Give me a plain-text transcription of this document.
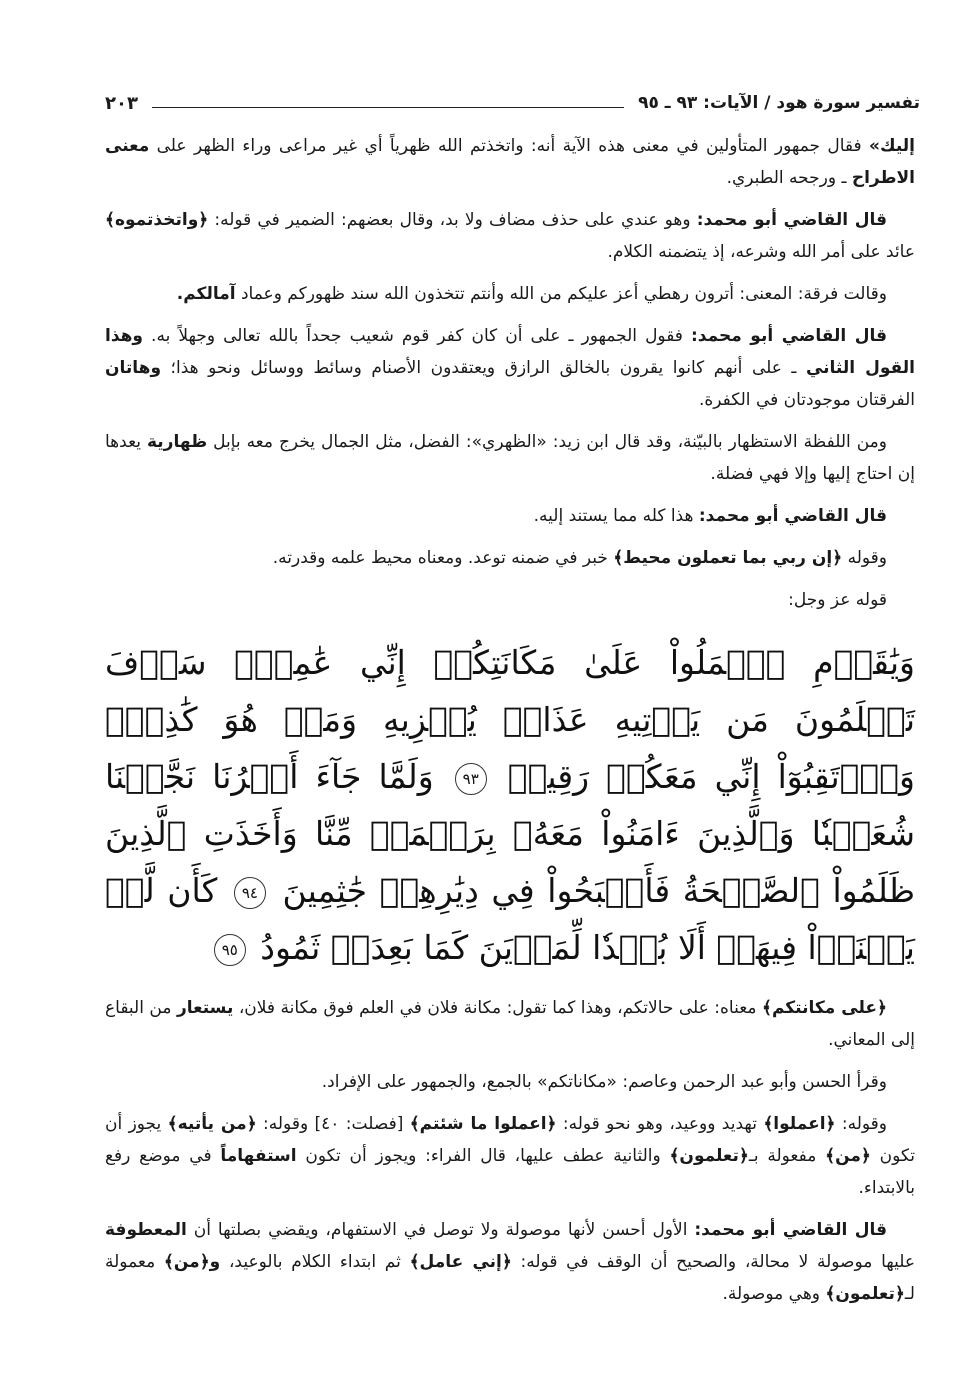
تفسير سورة هود / الآيات: ٩٣ ـ ٩٥
٢٠٣

إليك» فقال جمهور المتأولين في معنى هذه الآية أنه: واتخذتم الله ظهرياً أي غير مراعى وراء الظهر على معنى الاطراح ـ ورجحه الطبري.

قال القاضي أبو محمد: وهو عندي على حذف مضاف ولا بد، وقال بعضهم: الضمير في قوله: ﴿واتخذتموه﴾ عائد على أمر الله وشرعه، إذ يتضمنه الكلام.

وقالت فرقة: المعنى: أترون رهطي أعز عليكم من الله وأنتم تتخذون الله سند ظهوركم وعماد آمالكم.

قال القاضي أبو محمد: فقول الجمهور ـ على أن كان كفر قوم شعيب جحداً بالله تعالى وجهلاً به. وهذا القول الثاني ـ على أنهم كانوا يقرون بالخالق الرازق ويعتقدون الأصنام وسائط ووسائل ونحو هذا؛ وهاتان الفرقتان موجودتان في الكفرة.

ومن اللفظة الاستظهار بالبيّنة، وقد قال ابن زيد: «الظهري»: الفضل، مثل الجمال يخرج معه بإبل ظهارية يعدها إن احتاج إليها وإلا فهي فضلة.

قال القاضي أبو محمد: هذا كله مما يستند إليه.

وقوله ﴿إن ربي بما تعملون محيط﴾ خبر في ضمنه توعد. ومعناه محيط علمه وقدرته.

قوله عز وجل:

وَيَٰقَوۡمِ ٱعۡمَلُواْ عَلَىٰ مَكَانَتِكُمۡ إِنِّي عَٰمِلٞۖ سَوۡفَ تَعۡلَمُونَ مَن يَأۡتِيهِ عَذَابٞ يُخۡزِيهِ وَمَنۡ هُوَ كَٰذِبٞۖ وَٱرۡتَقِبُوٓاْ إِنِّي مَعَكُمۡ رَقِيبٞ ٩٣ وَلَمَّا جَآءَ أَمۡرُنَا نَجَّيۡنَا شُعَيۡبٗا وَٱلَّذِينَ ءَامَنُواْ مَعَهُۥ بِرَحۡمَةٖ مِّنَّا وَأَخَذَتِ ٱلَّذِينَ ظَلَمُواْ ٱلصَّيۡحَةُ فَأَصۡبَحُواْ فِي دِيَٰرِهِمۡ جَٰثِمِينَ ٩٤ كَأَن لَّمۡ يَغۡنَوۡاْ فِيهَآۗ أَلَا بُعۡدٗا لِّمَدۡيَنَ كَمَا بَعِدَتۡ ثَمُودُ ٩٥

﴿على مكانتكم﴾ معناه: على حالاتكم، وهذا كما تقول: مكانة فلان في العلم فوق مكانة فلان، يستعار من البقاع إلى المعاني.

وقرأ الحسن وأبو عبد الرحمن وعاصم: «مكاناتكم» بالجمع، والجمهور على الإفراد.

وقوله: ﴿اعملوا﴾ تهديد ووعيد، وهو نحو قوله: ﴿اعملوا ما شئتم﴾ [فصلت: ٤٠] وقوله: ﴿من يأتيه﴾ يجوز أن تكون ﴿من﴾ مفعولة بـ﴿تعلمون﴾ والثانية عطف عليها، قال الفراء: ويجوز أن تكون استفهاماً في موضع رفع بالابتداء.

قال القاضي أبو محمد: الأول أحسن لأنها موصولة ولا توصل في الاستفهام، ويقضي بصلتها أن المعطوفة عليها موصولة لا محالة، والصحيح أن الوقف في قوله: ﴿إني عامل﴾ ثم ابتداء الكلام بالوعيد، و﴿من﴾ معمولة لـ﴿تعلمون﴾ وهي موصولة.
